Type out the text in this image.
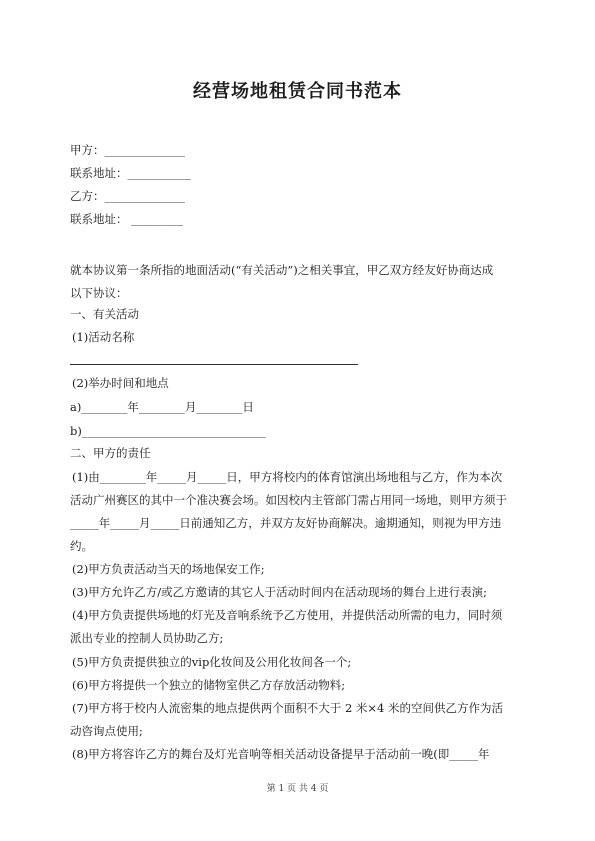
经营场地租赁合同书范本
甲方：______________
联系地址：___________
乙方：______________
联系地址： _________
就本协议第一条所指的地面活动(“有关活动”)之相关事宜，甲乙双方经友好协商达成
以下协议：
一、有关活动
(1)活动名称
(2)举办时间和地点
a)________年________月________日
b)________________________________
二、甲方的责任
(1)由________年_____月_____日，甲方将校内的体育馆演出场地租与乙方，作为本次
活动广州赛区的其中一个准决赛会场。如因校内主管部门需占用同一场地，则甲方须于
_____年_____月_____日前通知乙方，并双方友好协商解决。逾期通知，则视为甲方违
约。
(2)甲方负责活动当天的场地保安工作;
(3)甲方允许乙方/或乙方邀请的其它人于活动时间内在活动现场的舞台上进行表演;
(4)甲方负责提供场地的灯光及音响系统予乙方使用，并提供活动所需的电力，同时须
派出专业的控制人员协助乙方;
(5)甲方负责提供独立的vip化妆间及公用化妆间各一个;
(6)甲方将提供一个独立的储物室供乙方存放活动物料;
(7)甲方将于校内人流密集的地点提供两个面积不大于 2 米×4 米的空间供乙方作为活
动咨询点使用;
(8)甲方将容许乙方的舞台及灯光音响等相关活动设备提早于活动前一晚(即_____年
第 1 页 共 4 页
